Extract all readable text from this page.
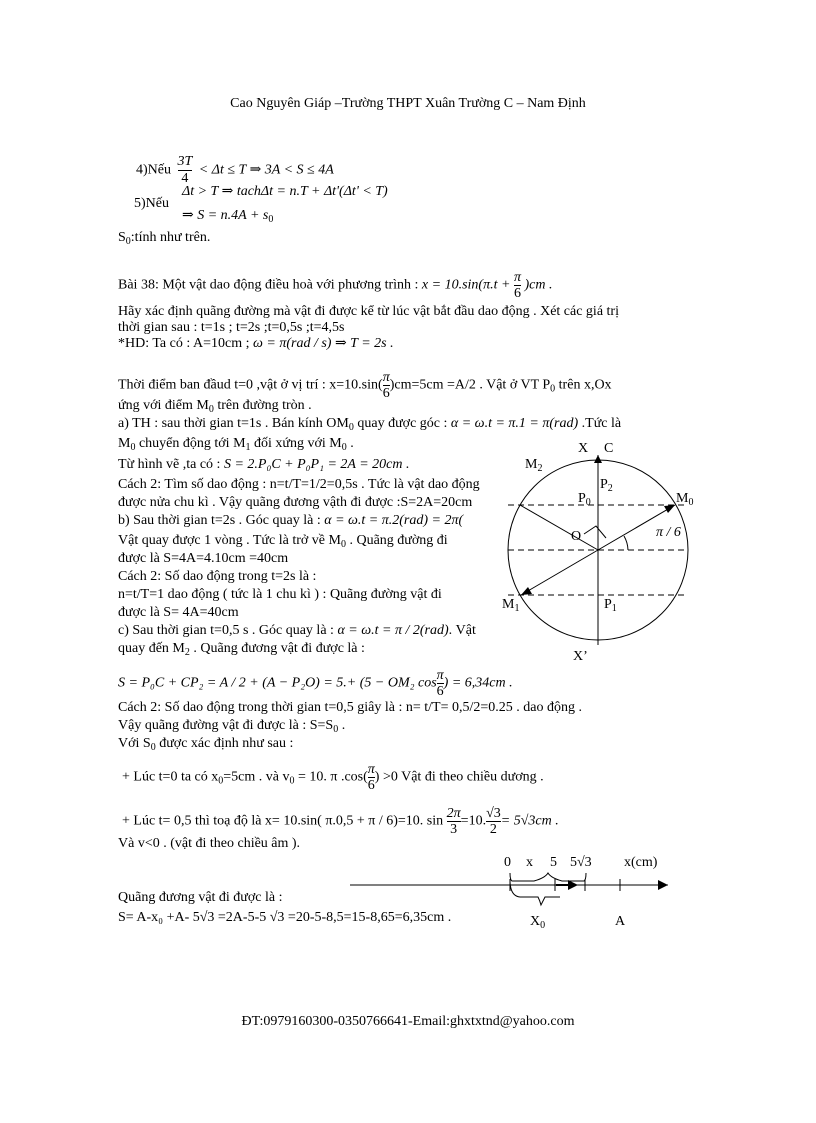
Cao Nguyên Giáp –Trường THPT Xuân Trường C – Nam Định
4)Nếu $\frac{3T}{4} < \Delta t \le T$ ⇒ 3A < S ≤ 4A
Δt > T ⇒ tachΔt = n.T + Δt'(Δt' < T)
5)Nếu
⇒ $S = n.4A + s_0$
$S_0:tính$ như trên.
Bài 38: Một vật dao động điều hoà với phương trình : $x = 10.\sin(\pi.t + \frac{\pi}{6} )cm$ .
Hãy xác định quãng đường mà vật đi được kể từ lúc vật bắt đầu dao động . Xét các giá trị
thời gian sau : t=1s ; t=2s ;t=0,5s ;t=4,5s
*HD: Ta có : A=10cm ; ω = π(rad / s) ⇒ T = 2s .
Thời điểm ban đầud t=0 ,vật ở vị trí : $x=10.\sin( \frac{\pi}{6} )cm=5cm =A/2$ . Vật ở VT $P_0$ trên x,Ox
ứng với điểm $M_0$ trên đường tròn .
a) TH : sau thời gian t=1s . Bán kính $OM_0$ quay được góc : α = ω.t = π.1 = π(rad) .Tức là
$M_0$ chuyển động tới $M_1$ đối xứng với $M_0$ .
Từ hình vẽ ,ta có : S = 2.P₀C + P₀P₁ = 2A = 20cm .
Cách 2: Tìm số dao động : n=t/T=1/2=0,5s . Tức là vật dao động
được nửa chu kì . Vậy quãng đương vậth đi được :S=2A=20cm
b) Sau thời gian t=2s . Góc quay là : α = ω.t = π.2(rad) = 2π(
Vật quay được 1 vòng . Tức là trở về $M_0$ . Quãng đường đi
được là S=4A=4.10cm =40cm
Cách 2: Số dao động trong t=2s là :
n=t/T=1 dao động ( tức là 1 chu kì ) : Quãng đường vật đi
được là S= 4A=40cm
c) Sau thời gian t=0,5 s . Góc quay là : α = ω.t = π / 2(rad). Vật
quay đến $M_2$ . Quãng đương vật đi được là :
S = P₀C + CP₂ = A / 2 + (A − P₂O) = 5.+ (5 − OM₂ $\cos \frac{\pi}{6}$ ) = 6,34cm .
Cách 2: Số dao động trong thời gian t=0,5 giây là : n= t/T= 0,5/2=0.25 . dao động .
Vậy quãng đường vật đi được là : $S=S_0$ .
Với $S_0$ được xác định như sau :
+ Lúc t=0 ta có $x_0=5cm$ . và $v_0 = 10$. π $.\cos( \frac{\pi}{6}$ ) >0 Vật đi theo chiều dương .
+ Lúc t= 0,5 thì toạ độ là x= 10.sin( π.0,5 + π / 6)=10. $\sin \frac{2\pi}{3} =10$. $\frac{√3}{2} = 5√3cm$ .
Và v<0 . (vật đi theo chiều âm ).
Quãng đương vật đi được là :
S= A-x₀ +A- 5√3 =2A-5-5 √3 =20-5-8,5=15-8,65=6,35cm .
X C
$M_2$
$P_2$
$P_0$	$M_0$
O	π / 6
$M_1$	$P_1$
X’
0 x 5 5√3 x(cm)
$X_0$	A
ĐT:0979160300-0350766641-Email:ghxtxtnd@yahoo.com
